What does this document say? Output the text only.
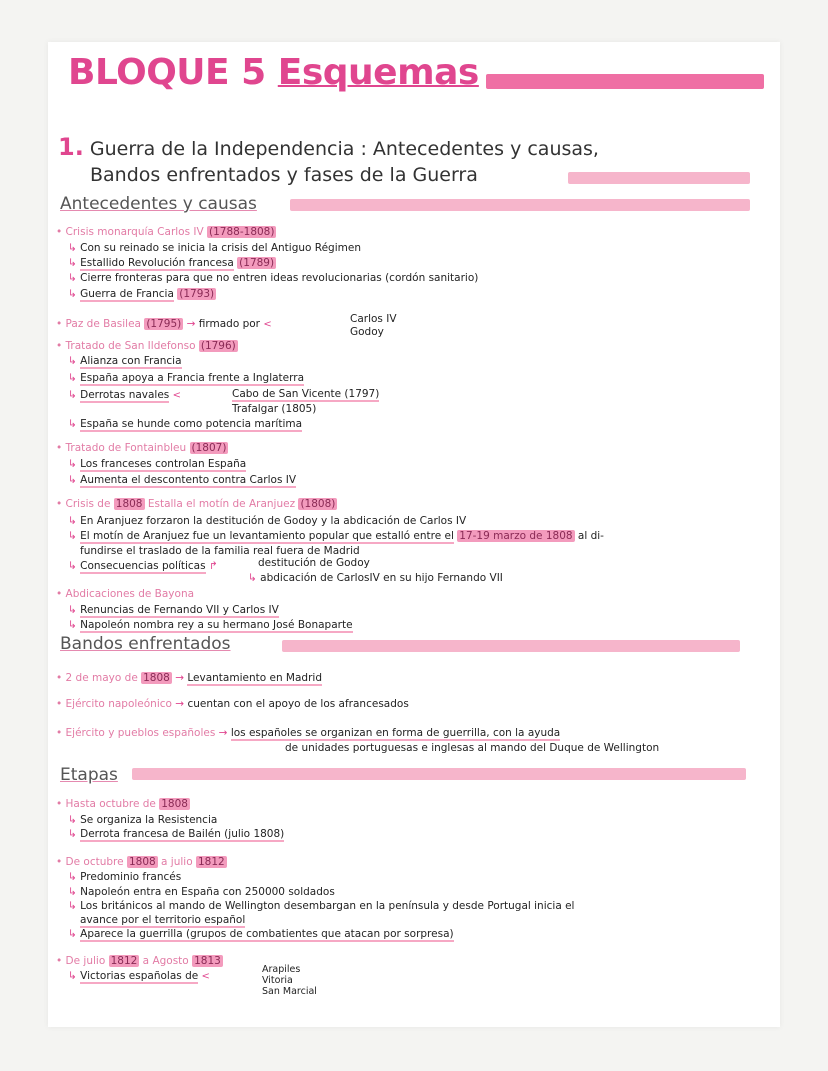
BLOQUE 5 Esquemas
1. Guerra de la Independencia : Antecedentes y causas,
Bandos enfrentados y fases de la Guerra
Antecedentes y causas
• Crisis monarquía Carlos IV (1788-1808)
↳ Con su reinado se inicia la crisis del Antiguo Régimen
↳ Estallido Revolución francesa (1789)
↳ Cierre fronteras para que no entren ideas revolucionarias (cordón sanitario)
↳ Guerra de Francia (1793)
• Paz de Basilea (1795) → firmado por <	Carlos IV
Godoy
• Tratado de San Ildefonso (1796)
↳ Alianza con Francia
↳ España apoya a Francia frente a Inglaterra
↳ Derrotas navales <	Cabo de San Vicente (1797)
Trafalgar (1805)
↳ España se hunde como potencia marítima
• Tratado de Fontainbleu (1807)
↳ Los franceses controlan España
↳ Aumenta el descontento contra Carlos IV
• Crisis de 1808 Estalla el motín de Aranjuez (1808)
↳ En Aranjuez forzaron la destitución de Godoy y la abdicación de Carlos IV
↳ El motín de Aranjuez fue un levantamiento popular que estalló entre el 17-19 marzo de 1808 al di-
fundirse el traslado de la familia real fuera de Madrid
↳ Consecuencias políticas ↱	destitución de Godoy
↳ abdicación de CarlosIV en su hijo Fernando VII
• Abdicaciones de Bayona
↳ Renuncias de Fernando VII y Carlos IV
↳ Napoleón nombra rey a su hermano José Bonaparte
Bandos enfrentados
• 2 de mayo de 1808 → Levantamiento en Madrid
• Ejército napoleónico → cuentan con el apoyo de los afrancesados
• Ejército y pueblos españoles → los españoles se organizan en forma de guerrilla, con la ayuda
de unidades portuguesas e inglesas al mando del Duque de Wellington
Etapas
• Hasta octubre de 1808
↳ Se organiza la Resistencia
↳ Derrota francesa de Bailén (julio 1808)
• De octubre 1808 a julio 1812
↳ Predominio francés
↳ Napoleón entra en España con 250000 soldados
↳ Los británicos al mando de Wellington desembargan en la península y desde Portugal inicia el
avance por el territorio español
↳ Aparece la guerrilla (grupos de combatientes que atacan por sorpresa)
• De julio 1812 a Agosto 1813
↳ Victorias españolas de <
Arapiles
Vitoria
San Marcial
